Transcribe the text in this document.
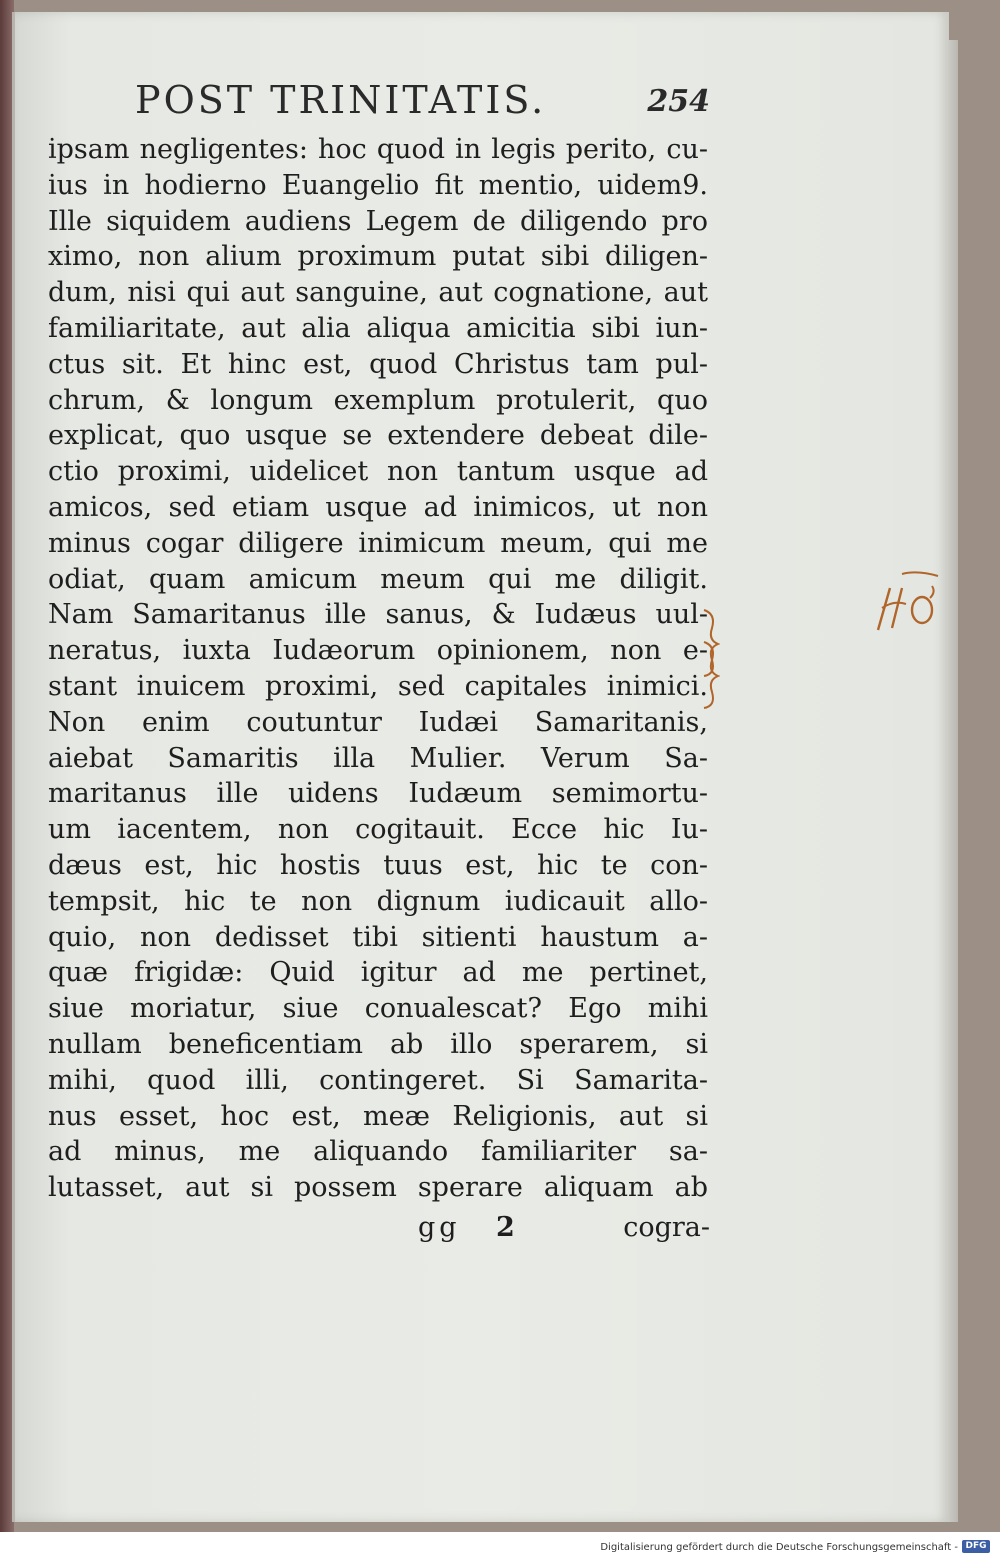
POST TRINITATIS.	254
ipsam negligentes: hoc quod in legis perito, cu-
ius in hodierno Euangelio fit mentio, uidem9.
Ille siquidem audiens Legem de diligendo pro
ximo, non alium proximum putat sibi diligen-
dum, nisi qui aut sanguine, aut cognatione, aut
familiaritate, aut alia aliqua amicitia sibi iun-
ctus sit. Et hinc est, quod Christus tam pul-
chrum, & longum exemplum protulerit, quo
explicat, quo usque se extendere debeat dile-
ctio proximi, uidelicet non tantum usque ad
amicos, sed etiam usque ad inimicos, ut non
minus cogar diligere inimicum meum, qui me
odiat, quam amicum meum qui me diligit.
Nam Samaritanus ille sanus, & Iudæus uul-
neratus, iuxta Iudæorum opinionem, non e-
stant inuicem proximi, sed capitales inimici.
Non enim coutuntur Iudæi Samaritanis,
aiebat Samaritis illa Mulier. Verum Sa-
maritanus ille uidens Iudæum semimortu-
um iacentem, non cogitauit. Ecce hic Iu-
dæus est, hic hostis tuus est, hic te con-
tempsit, hic te non dignum iudicauit allo-
quio, non dedisset tibi sitienti haustum a-
quæ frigidæ: Quid igitur ad me pertinet,
siue moriatur, siue conualescat? Ego mihi
nullam beneficentiam ab illo sperarem, si
mihi, quod illi, contingeret. Si Samarita-
nus esset, hoc est, meæ Religionis, aut si
ad minus, me aliquando familiariter sa-
lutasset, aut si possem sperare aliquam ab
gg 2	cogra-
Digitalisierung gefördert durch die Deutsche Forschungsgemeinschaft - DFG
